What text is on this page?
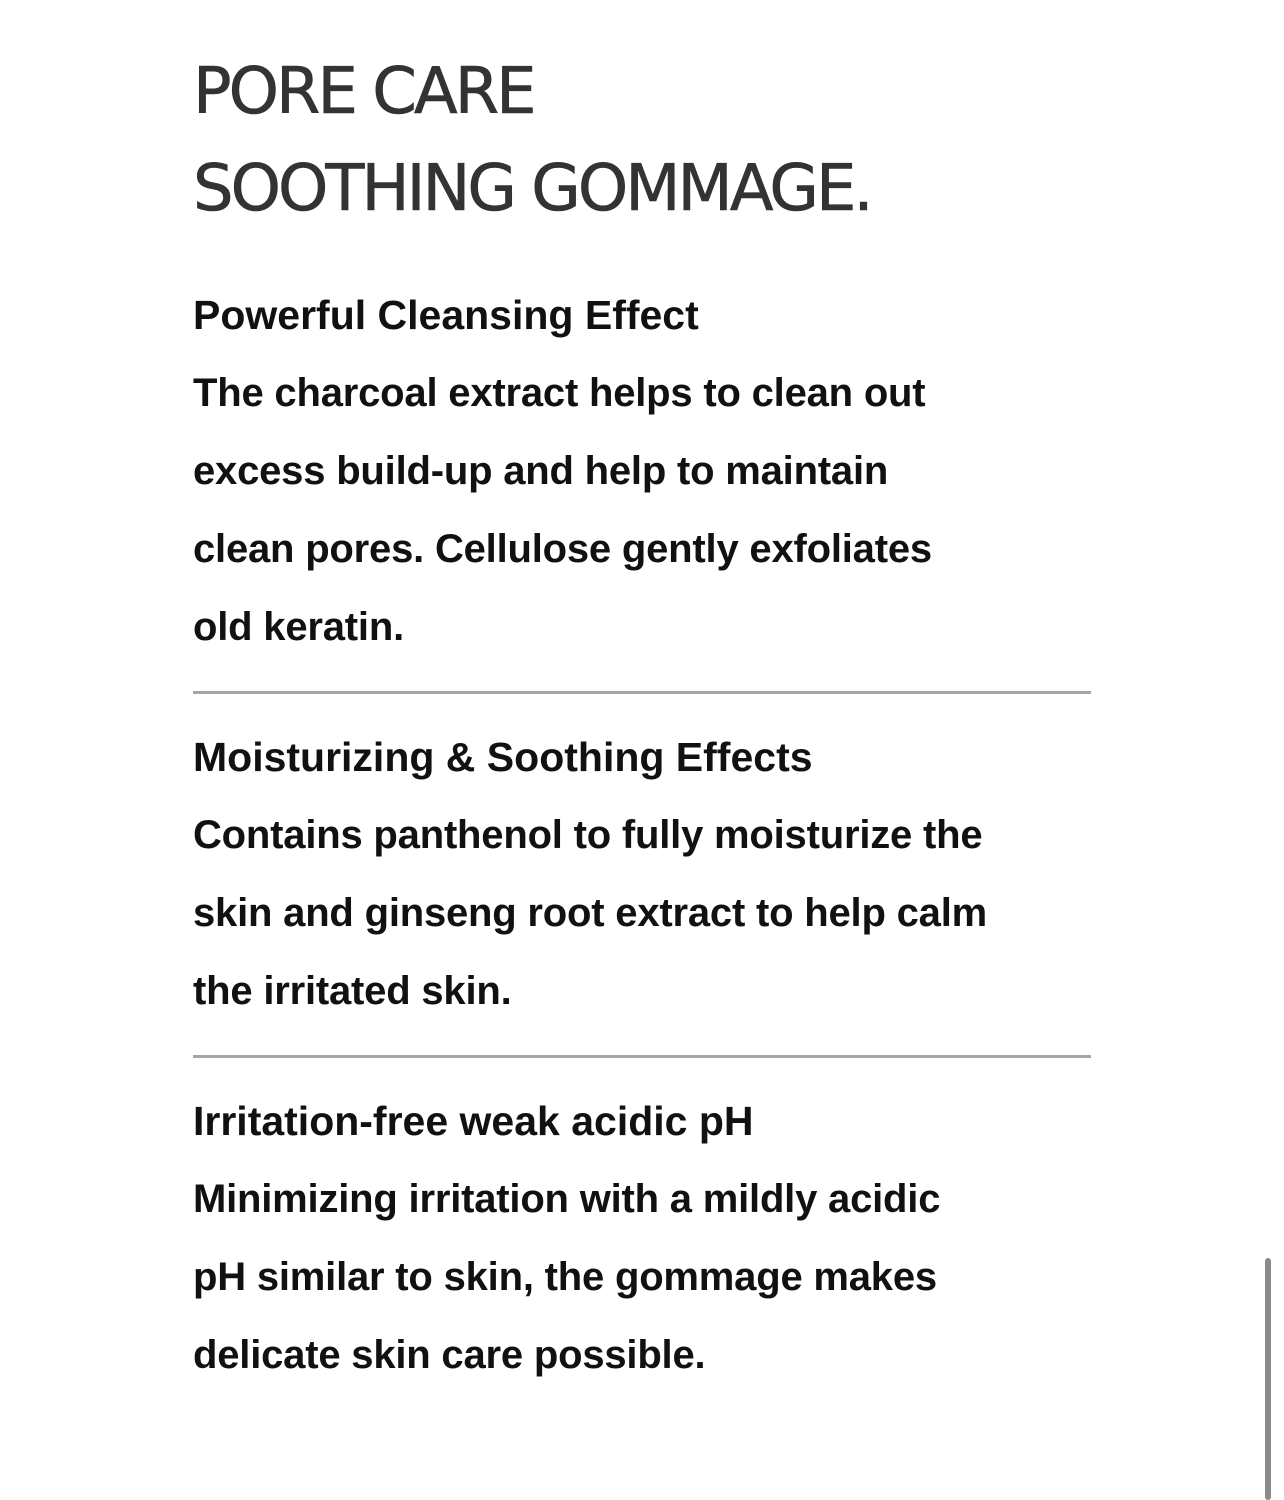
PORE CARE
SOOTHING GOMMAGE.
Powerful Cleansing Effect

The charcoal extract helps to clean out
excess build-up and help to maintain
clean pores. Cellulose gently exfoliates
old keratin.

Moisturizing & Soothing Effects

Contains panthenol to fully moisturize the
skin and ginseng root extract to help calm
the irritated skin.

Irritation-free weak acidic pH

Minimizing irritation with a mildly acidic
pH similar to skin, the gommage makes
delicate skin care possible.
